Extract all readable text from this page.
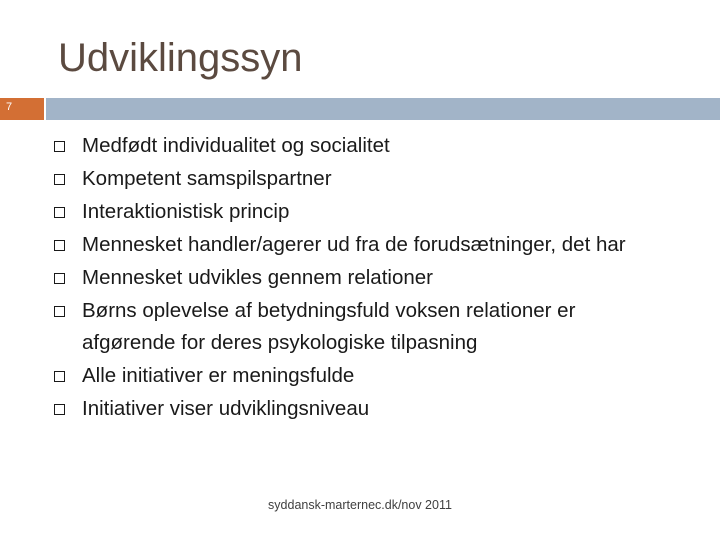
Udviklingssyn
7
Medfødt individualitet og socialitet
Kompetent samspilspartner
Interaktionistisk princip
Mennesket handler/agerer ud fra de forudsætninger, det har
Mennesket udvikles gennem relationer
Børns oplevelse af betydningsfuld voksen relationer er afgørende for deres psykologiske tilpasning
Alle initiativer er meningsfulde
Initiativer viser udviklingsniveau
syddansk-marternec.dk/nov 2011
